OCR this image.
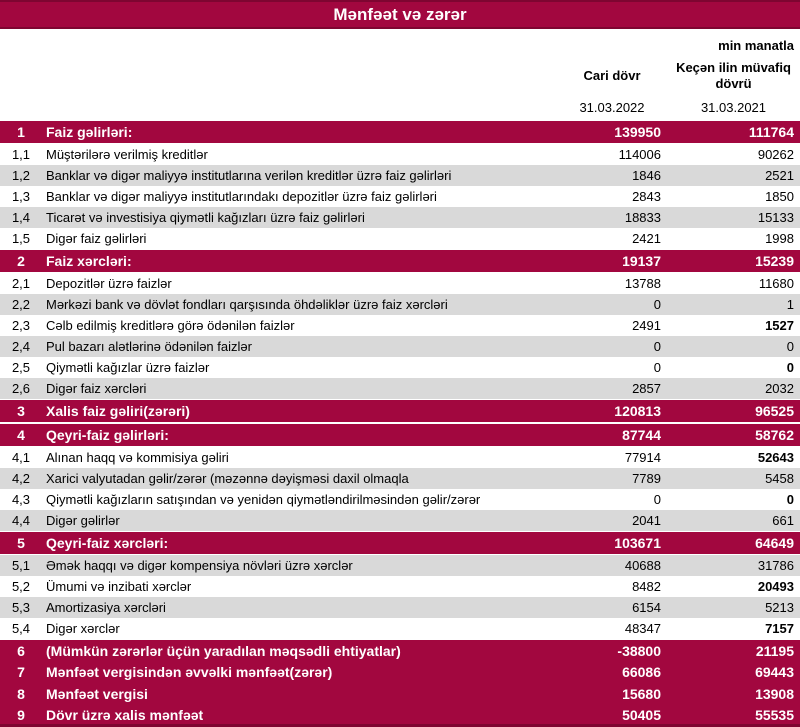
Mənfəət və zərər
min manatla
Cari dövr
Keçən ilin müvafiq dövrü
31.03.2022	31.03.2021
1	Faiz gəlirləri:	139950	111764
1,1	Müştərilərə verilmiş kreditlər	114006	90262
1,2	Banklar və digər maliyyə institutlarına verilən kreditlər üzrə faiz gəlirləri	1846	2521
1,3	Banklar və digər maliyyə institutlarındakı depozitlər üzrə faiz gəlirləri	2843	1850
1,4	Ticarət və investisiya qiymətli kağızları üzrə faiz gəlirləri	18833	15133
1,5	Digər faiz gəlirləri	2421	1998
2	Faiz xərcləri:	19137	15239
2,1	Depozitlər üzrə faizlər	13788	11680
2,2	Mərkəzi bank və dövlət fondları qarşısında öhdəliklər üzrə faiz xərcləri	0	1
2,3	Cəlb edilmiş kreditlərə görə ödənilən faizlər	2491	1527
2,4	Pul bazarı alətlərinə ödənilən faizlər	0	0
2,5	Qiymətli kağızlar üzrə faizlər	0	0
2,6	Digər faiz xərcləri	2857	2032
3	Xalis faiz gəliri(zərəri)	120813	96525
4	Qeyri-faiz gəlirləri:	87744	58762
4,1	Alınan haqq və kommisiya gəliri	77914	52643
4,2	Xarici valyutadan gəlir/zərər (məzənnə dəyişməsi daxil olmaqla	7789	5458
4,3	Qiymətli kağızların satışından və yenidən qiymətləndirilməsindən gəlir/zərər	0	0
4,4	Digər gəlirlər	2041	661
5	Qeyri-faiz xərcləri:	103671	64649
5,1	Əmək haqqı və digər kompensiya növləri üzrə xərclər	40688	31786
5,2	Ümumi və inzibati xərclər	8482	20493
5,3	Amortizasiya xərcləri	6154	5213
5,4	Digər xərclər	48347	7157
6	(Mümkün zərərlər üçün yaradılan məqsədli ehtiyatlar)	-38800	21195
7	Mənfəət vergisindən əvvəlki mənfəət(zərər)	66086	69443
8	Mənfəət vergisi	15680	13908
9	Dövr üzrə xalis mənfəət	50405	55535
